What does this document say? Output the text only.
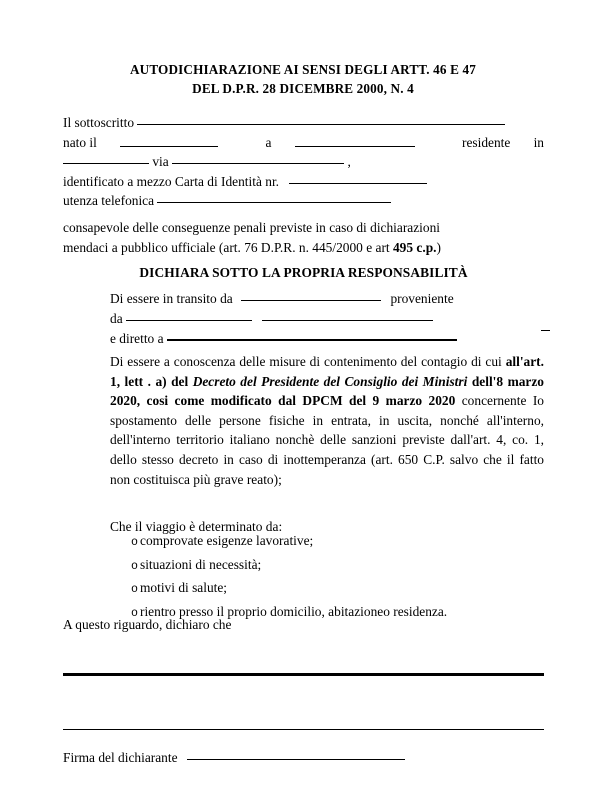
AUTODICHIARAZIONE AI SENSI DEGLI ARTT. 46 E 47
DEL D.P.R. 28 DICEMBRE 2000, N. 4
Il sottoscritto
nato il	a	residente in
via	,
identificato a mezzo Carta di Identità nr.
utenza telefonica
consapevole delle conseguenze penali previste in caso di dichiarazioni
mendaci a pubblico ufficiale (art. 76 D.P.R. n. 445/2000 e art 495 c.p.)
DICHIARA SOTTO LA PROPRIA RESPONSABILITÀ
Di essere in transito da	proveniente
da
e diretto a
Di essere a conoscenza delle misure di contenimento del contagio di cui all'art. 1, lett . a) del Decreto del Presidente del Consiglio dei Ministri dell'8 marzo 2020, cosi come modificato dal DPCM del 9 marzo 2020 concernente Io spostamento delle persone fisiche in entrata, in uscita, nonché all'interno, dell'interno territorio italiano nonchè delle sanzioni previste dall'art. 4, co. 1, dello stesso decreto in caso di inottemperanza (art. 650 C.P. salvo che il fatto non costituisca più grave reato);
Che il viaggio è determinato da:
o comprovate esigenze lavorative;
o situazioni di necessità;
o motivi di salute;
o rientro presso il proprio domicilio, abitazioneo residenza.
A questo riguardo, dichiaro che
Firma del dichiarante
